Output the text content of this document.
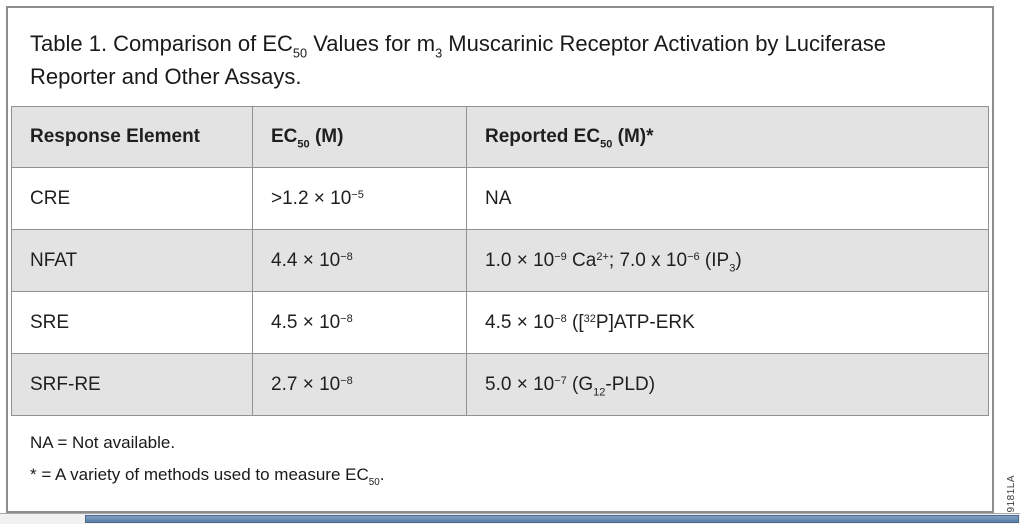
Table 1. Comparison of $EC_{50}$ Values for $m_3$ Muscarinic Receptor Activation by Luciferase Reporter and Other Assays.
Response Element	$EC_{50}$ (M)	Reported $EC_{50}$ (M)*
CRE	$>1.2 \times 10^{-5}$	NA
NFAT	$4.4 \times 10^{-8}$	$1.0 \times 10^{-9}$ $Ca^{2+}$; 7.0 x $10^{-6}$ $(IP_3)$
SRE	$4.5 \times 10^{-8}$	$4.5 \times 10^{-8}$ ([$^{32}$P]ATP-ERK
SRF-RE	$2.7 \times 10^{-8}$	$5.0 \times 10^{-7}$ $(G_{12}-PLD)$
NA = Not available.
* = A variety of methods used to measure $EC_{50}$.
9181LA
